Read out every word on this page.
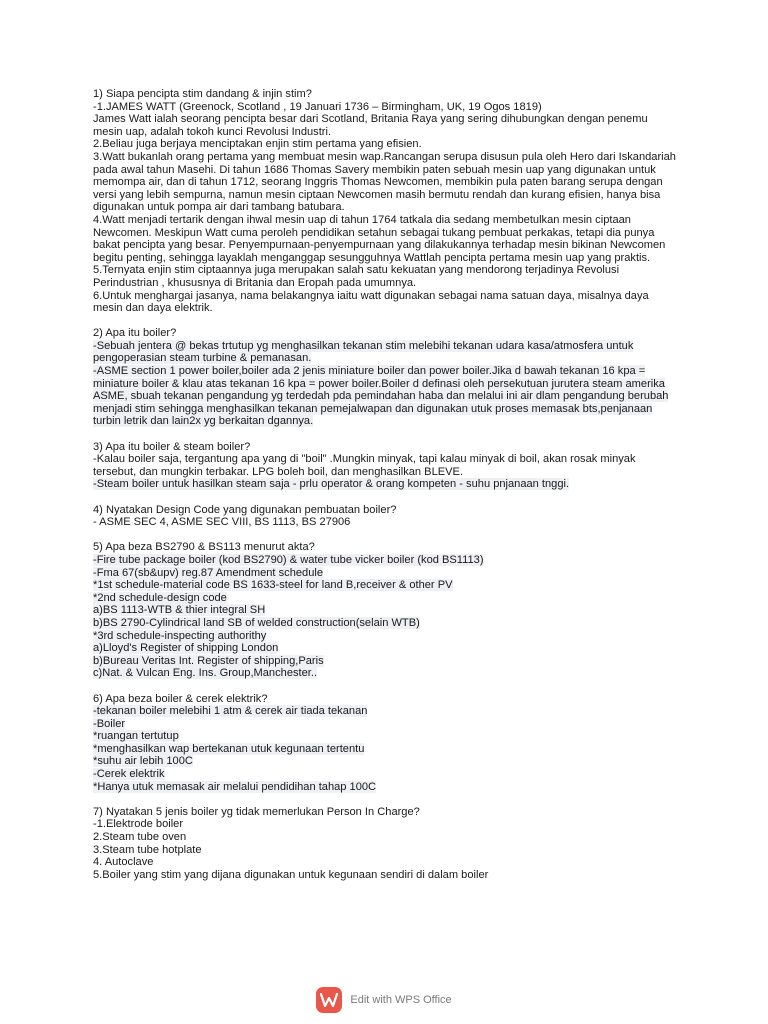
1) Siapa pencipta stim dandang & injin stim?
-1.JAMES WATT (Greenock, Scotland , 19 Januari 1736 – Birmingham, UK, 19 Ogos 1819)
James Watt ialah seorang pencipta besar dari Scotland, Britania Raya yang sering dihubungkan dengan penemu mesin uap, adalah tokoh kunci Revolusi Industri.
2.Beliau juga berjaya menciptakan enjin stim pertama yang efisien.
3.Watt bukanlah orang pertama yang membuat mesin wap.Rancangan serupa disusun pula oleh Hero dari Iskandariah pada awal tahun Masehi. Di tahun 1686 Thomas Savery membikin paten sebuah mesin uap yang digunakan untuk memompa air, dan di tahun 1712, seorang Inggris Thomas Newcomen, membikin pula paten barang serupa dengan versi yang lebih sempurna, namun mesin ciptaan Newcomen masih bermutu rendah dan kurang efisien, hanya bisa digunakan untuk pompa air dari tambang batubara.
4.Watt menjadi tertarik dengan ihwal mesin uap di tahun 1764 tatkala dia sedang membetulkan mesin ciptaan Newcomen. Meskipun Watt cuma peroleh pendidikan setahun sebagai tukang pembuat perkakas, tetapi dia punya bakat pencipta yang besar. Penyempurnaan-penyempurnaan yang dilakukannya terhadap mesin bikinan Newcomen begitu penting, sehingga layaklah menganggap sesungguhnya Wattlah pencipta pertama mesin uap yang praktis.
5.Ternyata enjin stim ciptaannya juga merupakan salah satu kekuatan yang mendorong terjadinya Revolusi Perindustrian , khususnya di Britania dan Eropah pada umumnya.
6.Untuk menghargai jasanya, nama belakangnya iaitu watt digunakan sebagai nama satuan daya, misalnya daya mesin dan daya elektrik.
2) Apa itu boiler?
-Sebuah jentera @ bekas trtutup yg menghasilkan tekanan stim melebihi tekanan udara kasa/atmosfera untuk pengoperasian steam turbine & pemanasan.
-ASME section 1 power boiler,boiler ada 2 jenis miniature boiler dan power boiler.Jika d bawah tekanan 16 kpa = miniature boiler & klau atas tekanan 16 kpa = power boiler.Boiler d definasi oleh persekutuan jurutera steam amerika ASME, sbuah tekanan pengandung yg terdedah pda pemindahan haba dan melalui ini air dlam pengandung berubah menjadi stim sehingga menghasilkan tekanan pemejalwapan dan digunakan utuk proses memasak bts,penjanaan turbin letrik dan lain2x yg berkaitan dgannya.
3) Apa itu boiler & steam boiler?
-Kalau boiler saja, tergantung apa yang di "boil" .Mungkin minyak, tapi kalau minyak di boil, akan rosak minyak tersebut, dan mungkin terbakar. LPG boleh boil, dan menghasilkan BLEVE.
-Steam boiler untuk hasilkan steam saja - prlu operator & orang kompeten - suhu pnjanaan tnggi.
4) Nyatakan Design Code yang digunakan pembuatan boiler?
- ASME SEC 4, ASME SEC VIII, BS 1113, BS 27906
5) Apa beza BS2790 & BS113 menurut akta?
-Fire tube package boiler (kod BS2790) & water tube vicker boiler (kod BS1113)
-Fma 67(sb&upv) reg.87 Amendment schedule
*1st schedule-material code BS 1633-steel for land B,receiver & other PV
*2nd schedule-design code
a)BS 1113-WTB & thier integral SH
b)BS 2790-Cylindrical land SB of welded construction(selain WTB)
*3rd schedule-inspecting authorithy
a)Lloyd's Register of shipping London
b)Bureau Veritas Int. Register of shipping,Paris
c)Nat. & Vulcan Eng. Ins. Group,Manchester..
6) Apa beza boiler & cerek elektrik?
-tekanan boiler melebihi 1 atm & cerek air tiada tekanan
-Boiler
*ruangan tertutup
*menghasilkan wap bertekanan utuk kegunaan tertentu
*suhu air lebih 100C
-Cerek elektrik
*Hanya utuk memasak air melalui pendidihan tahap 100C
7) Nyatakan 5 jenis boiler yg tidak memerlukan Person In Charge?
-1.Elektrode boiler
2.Steam tube oven
3.Steam tube hotplate
4. Autoclave
5.Boiler yang stim yang dijana digunakan untuk kegunaan sendiri di dalam boiler
Edit with WPS Office
